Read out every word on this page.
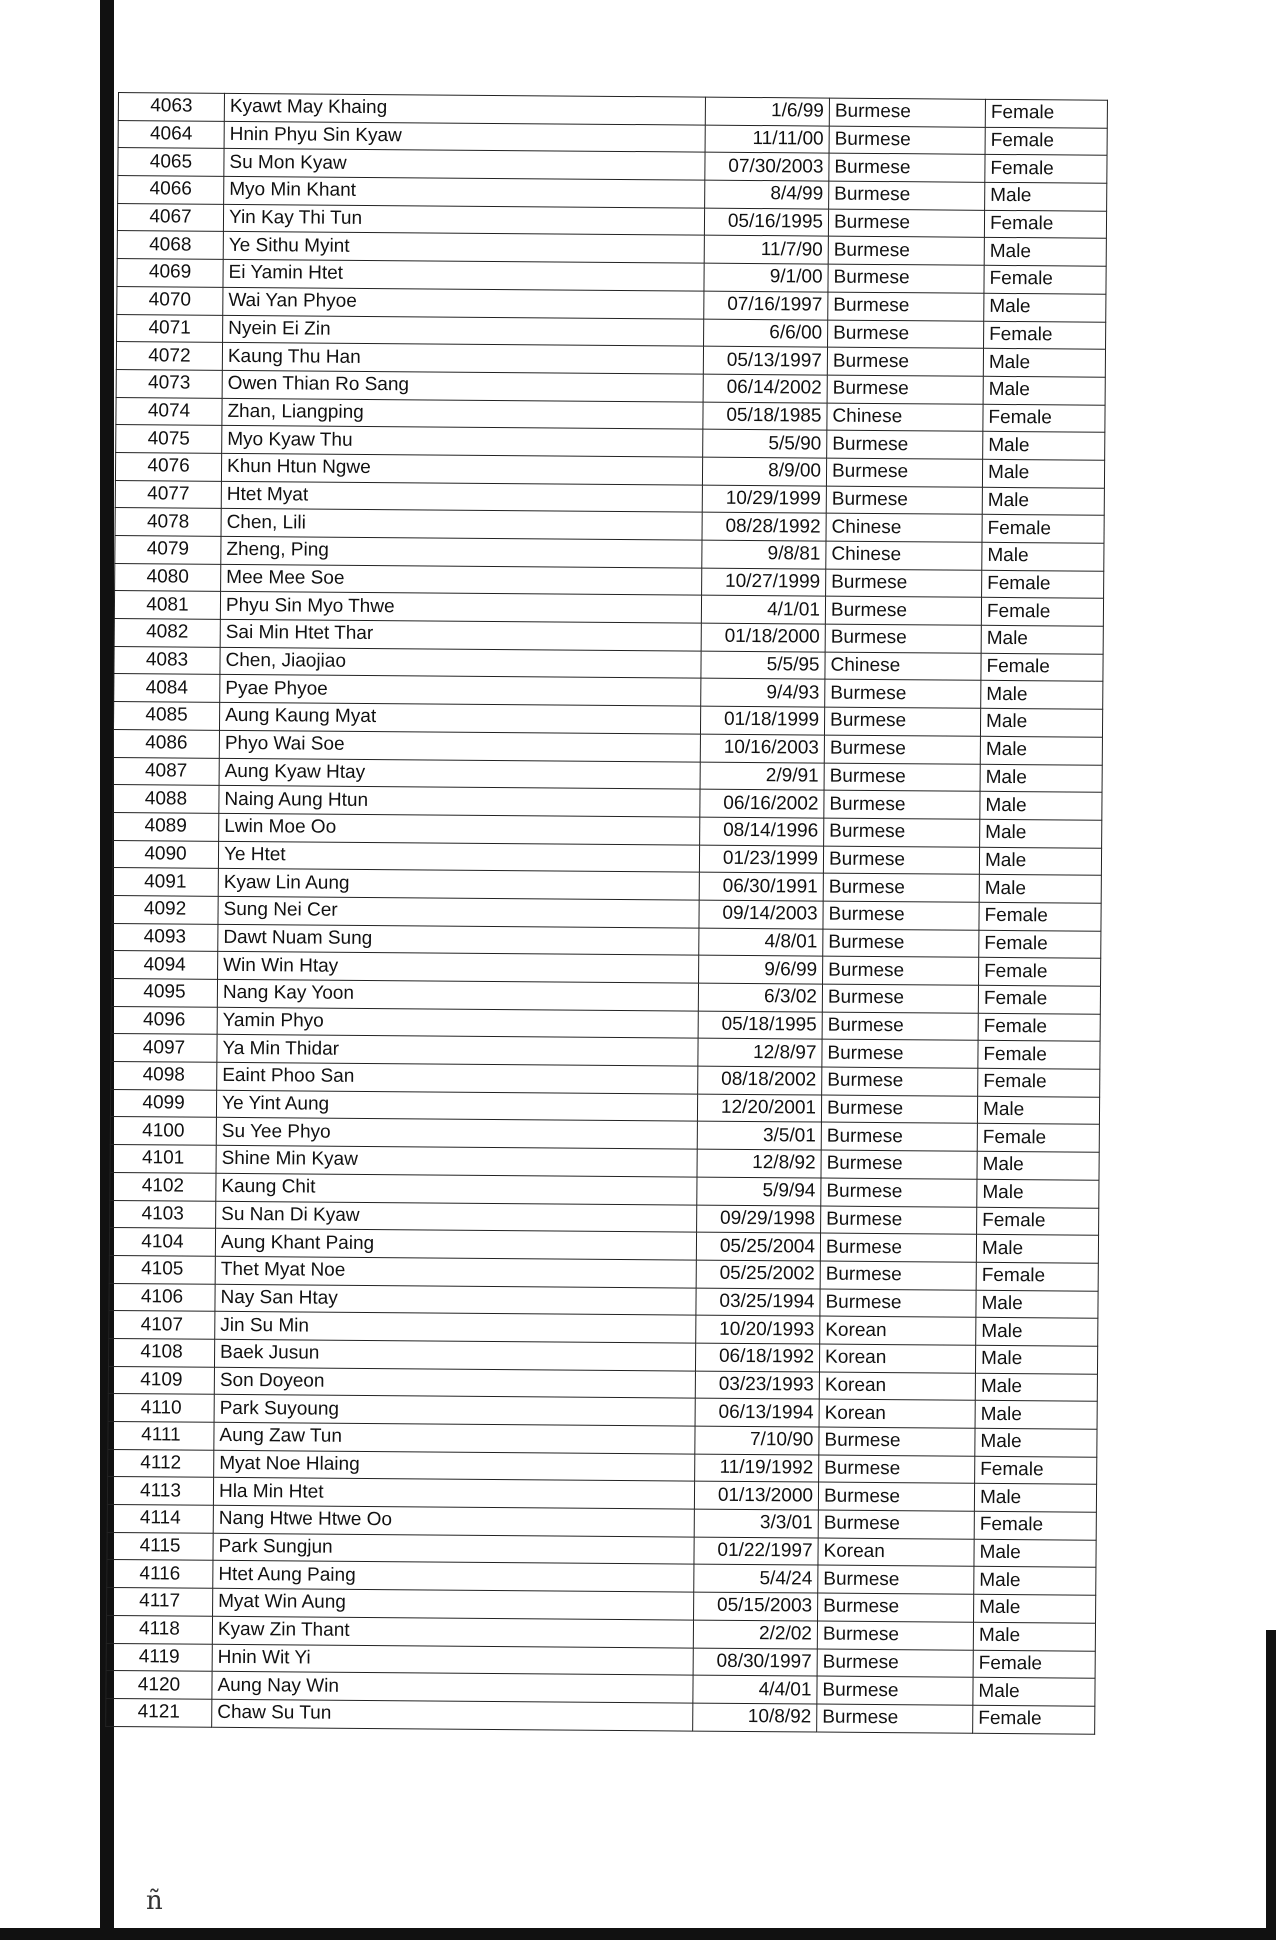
4063	Kyawt May Khaing	1/6/99	Burmese	Female
4064	Hnin Phyu Sin Kyaw	11/11/00	Burmese	Female
4065	Su Mon Kyaw	07/30/2003	Burmese	Female
4066	Myo Min Khant	8/4/99	Burmese	Male
4067	Yin Kay Thi Tun	05/16/1995	Burmese	Female
4068	Ye Sithu Myint	11/7/90	Burmese	Male
4069	Ei Yamin Htet	9/1/00	Burmese	Female
4070	Wai Yan Phyoe	07/16/1997	Burmese	Male
4071	Nyein Ei Zin	6/6/00	Burmese	Female
4072	Kaung Thu Han	05/13/1997	Burmese	Male
4073	Owen Thian Ro Sang	06/14/2002	Burmese	Male
4074	Zhan, Liangping	05/18/1985	Chinese	Female
4075	Myo Kyaw Thu	5/5/90	Burmese	Male
4076	Khun Htun Ngwe	8/9/00	Burmese	Male
4077	Htet Myat	10/29/1999	Burmese	Male
4078	Chen, Lili	08/28/1992	Chinese	Female
4079	Zheng, Ping	9/8/81	Chinese	Male
4080	Mee Mee Soe	10/27/1999	Burmese	Female
4081	Phyu Sin Myo Thwe	4/1/01	Burmese	Female
4082	Sai Min Htet Thar	01/18/2000	Burmese	Male
4083	Chen, Jiaojiao	5/5/95	Chinese	Female
4084	Pyae Phyoe	9/4/93	Burmese	Male
4085	Aung Kaung Myat	01/18/1999	Burmese	Male
4086	Phyo Wai Soe	10/16/2003	Burmese	Male
4087	Aung Kyaw Htay	2/9/91	Burmese	Male
4088	Naing Aung Htun	06/16/2002	Burmese	Male
4089	Lwin Moe Oo	08/14/1996	Burmese	Male
4090	Ye Htet	01/23/1999	Burmese	Male
4091	Kyaw Lin Aung	06/30/1991	Burmese	Male
4092	Sung Nei Cer	09/14/2003	Burmese	Female
4093	Dawt Nuam Sung	4/8/01	Burmese	Female
4094	Win Win Htay	9/6/99	Burmese	Female
4095	Nang Kay Yoon	6/3/02	Burmese	Female
4096	Yamin Phyo	05/18/1995	Burmese	Female
4097	Ya Min Thidar	12/8/97	Burmese	Female
4098	Eaint Phoo San	08/18/2002	Burmese	Female
4099	Ye Yint Aung	12/20/2001	Burmese	Male
4100	Su Yee Phyo	3/5/01	Burmese	Female
4101	Shine Min Kyaw	12/8/92	Burmese	Male
4102	Kaung Chit	5/9/94	Burmese	Male
4103	Su Nan Di Kyaw	09/29/1998	Burmese	Female
4104	Aung Khant Paing	05/25/2004	Burmese	Male
4105	Thet Myat Noe	05/25/2002	Burmese	Female
4106	Nay San Htay	03/25/1994	Burmese	Male
4107	Jin Su Min	10/20/1993	Korean	Male
4108	Baek Jusun	06/18/1992	Korean	Male
4109	Son Doyeon	03/23/1993	Korean	Male
4110	Park Suyoung	06/13/1994	Korean	Male
4111	Aung Zaw Tun	7/10/90	Burmese	Male
4112	Myat Noe Hlaing	11/19/1992	Burmese	Female
4113	Hla Min Htet	01/13/2000	Burmese	Male
4114	Nang Htwe Htwe Oo	3/3/01	Burmese	Female
4115	Park Sungjun	01/22/1997	Korean	Male
4116	Htet Aung Paing	5/4/24	Burmese	Male
4117	Myat Win Aung	05/15/2003	Burmese	Male
4118	Kyaw Zin Thant	2/2/02	Burmese	Male
4119	Hnin Wit Yi	08/30/1997	Burmese	Female
4120	Aung Nay Win	4/4/01	Burmese	Male
4121	Chaw Su Tun	10/8/92	Burmese	Female
ñ
